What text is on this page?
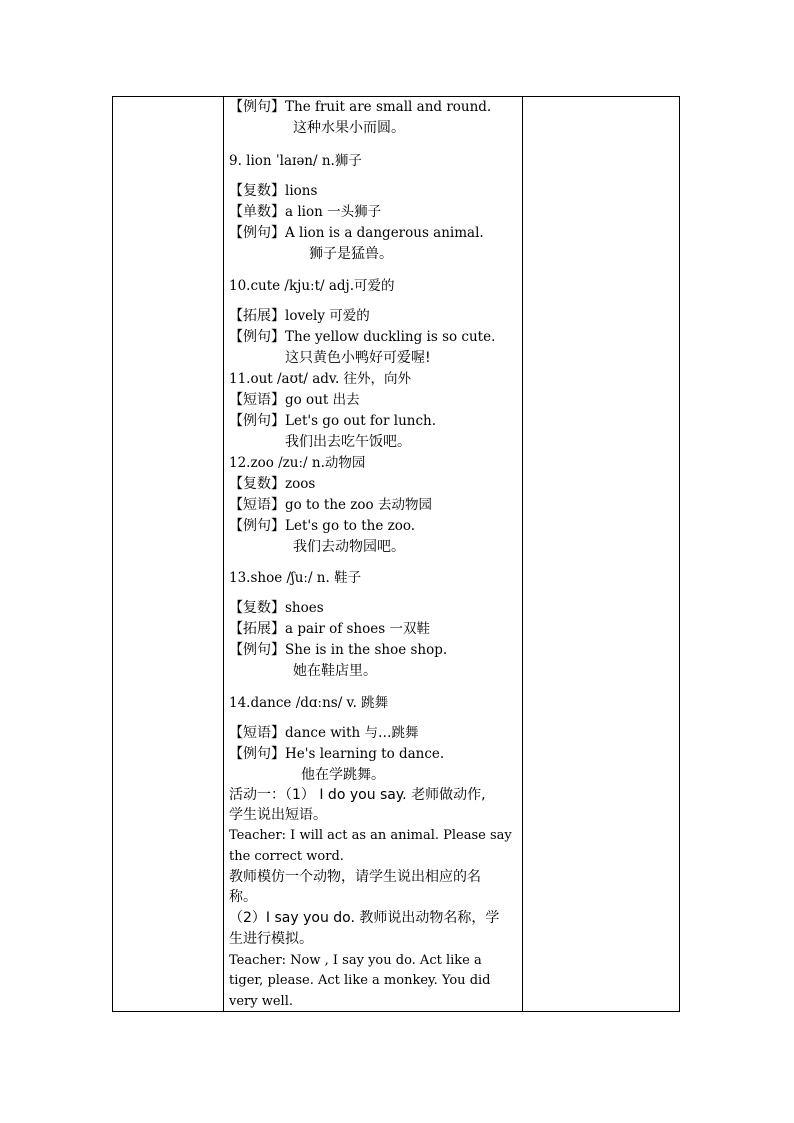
【例句】The fruit are small and round.
这种水果小而圆。
9. lion ˈlaɪən/ n.狮子
【复数】lions
【单数】a lion 一头狮子
【例句】A lion is a dangerous animal.
狮子是猛兽。
10.cute /kjuːt/ adj.可爱的
【拓展】lovely 可爱的
【例句】The yellow duckling is so cute.
这只黄色小鸭好可爱喔!
11.out /aʊt/ adv. 往外，向外
【短语】go out 出去
【例句】Let's go out for lunch.
我们出去吃午饭吧。
12.zoo /zuː/ n.动物园
【复数】zoos
【短语】go to the zoo 去动物园
【例句】Let's go to the zoo.
我们去动物园吧。
13.shoe /ʃuː/ n. 鞋子
【复数】shoes
【拓展】a pair of shoes 一双鞋
【例句】She is in the shoe shop.
她在鞋店里。
14.dance /dɑːns/ v. 跳舞
【短语】dance with 与…跳舞
【例句】He's learning to dance.
他在学跳舞。
活动一：（1） I do you say. 老师做动作,
学生说出短语。
Teacher: I will act as an animal. Please say
the correct word.
教师模仿一个动物，请学生说出相应的名
称。
（2）I say you do. 教师说出动物名称，学
生进行模拟。
Teacher: Now , I say you do. Act like a
tiger, please. Act like a monkey. You did
very well.
